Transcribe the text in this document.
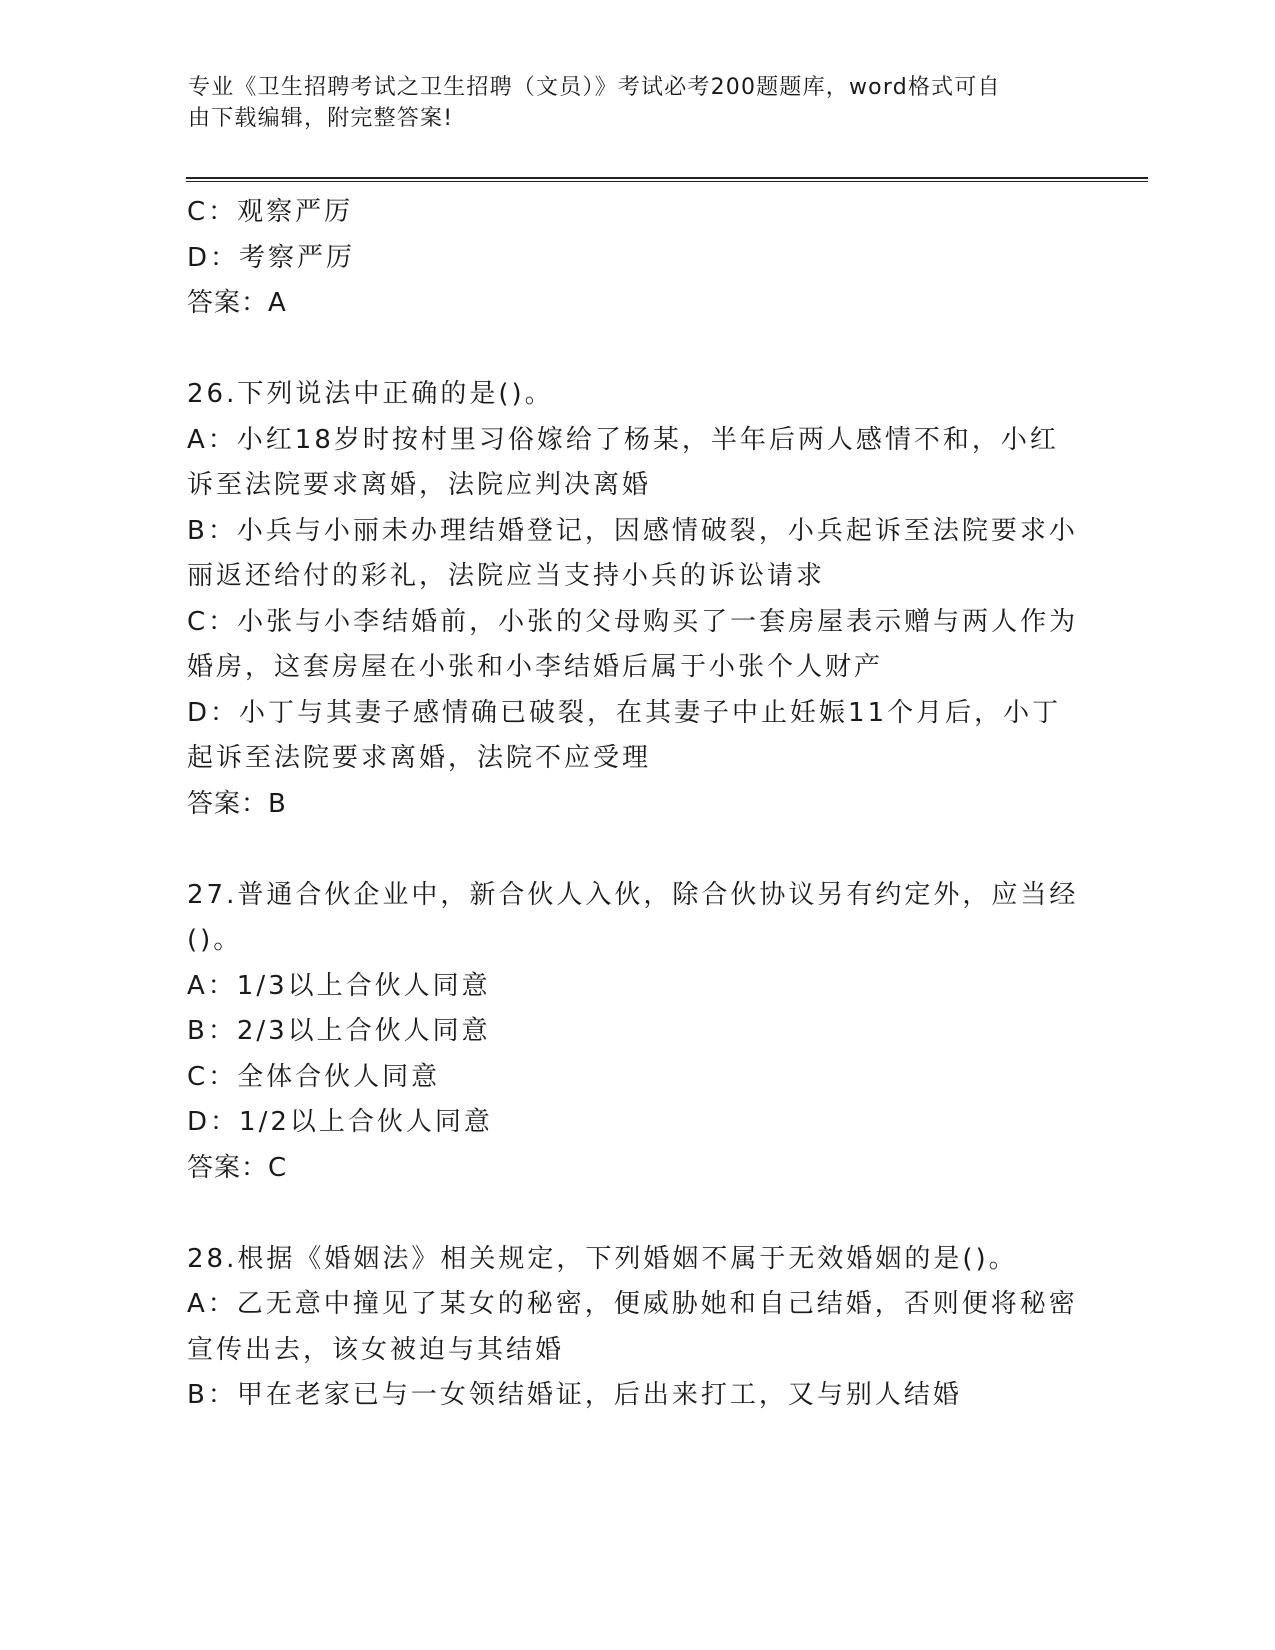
专业《卫生招聘考试之卫生招聘（文员）》考试必考200题题库，word格式可自
由下载编辑，附完整答案!
C：观察严厉
D：考察严厉
答案：A
26.下列说法中正确的是()。
A：小红18岁时按村里习俗嫁给了杨某，半年后两人感情不和，小红
诉至法院要求离婚，法院应判决离婚
B：小兵与小丽未办理结婚登记，因感情破裂，小兵起诉至法院要求小
丽返还给付的彩礼，法院应当支持小兵的诉讼请求
C：小张与小李结婚前，小张的父母购买了一套房屋表示赠与两人作为
婚房，这套房屋在小张和小李结婚后属于小张个人财产
D：小丁与其妻子感情确已破裂，在其妻子中止妊娠11个月后，小丁
起诉至法院要求离婚，法院不应受理
答案：B
27.普通合伙企业中，新合伙人入伙，除合伙协议另有约定外，应当经
()。
A：1/3以上合伙人同意
B：2/3以上合伙人同意
C：全体合伙人同意
D：1/2以上合伙人同意
答案：C
28.根据《婚姻法》相关规定，下列婚姻不属于无效婚姻的是()。
A：乙无意中撞见了某女的秘密，便威胁她和自己结婚，否则便将秘密
宣传出去，该女被迫与其结婚
B：甲在老家已与一女领结婚证，后出来打工，又与别人结婚
